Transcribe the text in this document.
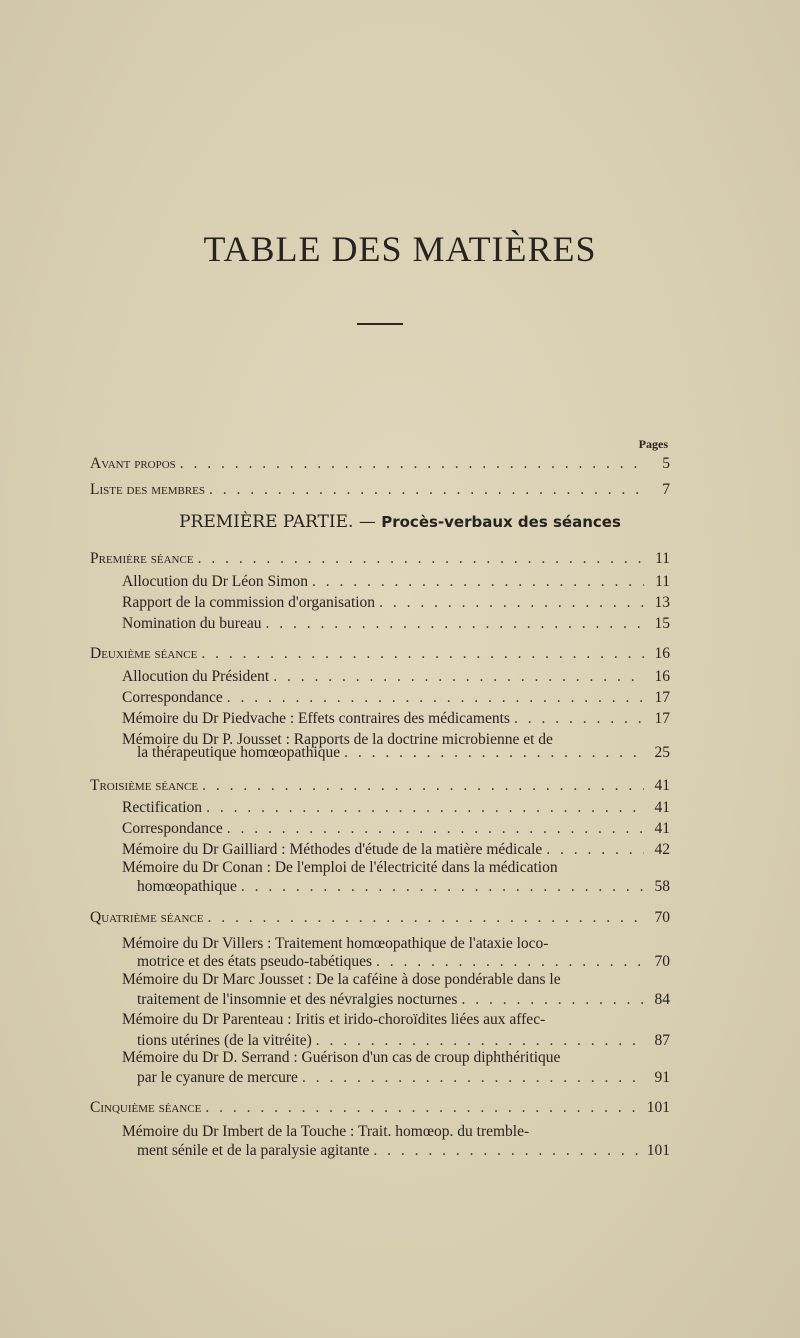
TABLE DES MATIÈRES
Pages
Avant propos . . .	5
Liste des membres . . .	7
PREMIÈRE PARTIE. — Procès-verbaux des séances
Première séance . . .	11
Allocution du Dr Léon Simon . . .	11
Rapport de la commission d'organisation . . .	13
Nomination du bureau . . .	15
Deuxième séance . . .	16
Allocution du Président . . .	16
Correspondance . . .	17
Mémoire du Dr Piedvache : Effets contraires des médicaments . . .	17
Mémoire du Dr P. Jousset : Rapports de la doctrine microbienne et de
la thérapeutique homœopathique . . .	25
Troisième séance . . .	41
Rectification . . .	41
Correspondance . . .	41
Mémoire du Dr Gailliard : Méthodes d'étude de la matière médicale . . .	42
Mémoire du Dr Conan : De l'emploi de l'électricité dans la médication
homœopathique . . .	58
Quatrième séance . . .	70
Mémoire du Dr Villers : Traitement homœopathique de l'ataxie loco-
motrice et des états pseudo-tabétiques . . .	70
Mémoire du Dr Marc Jousset : De la caféine à dose pondérable dans le
traitement de l'insomnie et des névralgies nocturnes . . .	84
Mémoire du Dr Parenteau : Iritis et irido-choroïdites liées aux affec-
tions utérines (de la vitréite) . . .	87
Mémoire du Dr D. Serrand : Guérison d'un cas de croup diphthéritique
par le cyanure de mercure . . .	91
Cinquième séance . . .	101
Mémoire du Dr Imbert de la Touche : Trait. homœop. du tremble-
ment sénile et de la paralysie agitante . . .	101
